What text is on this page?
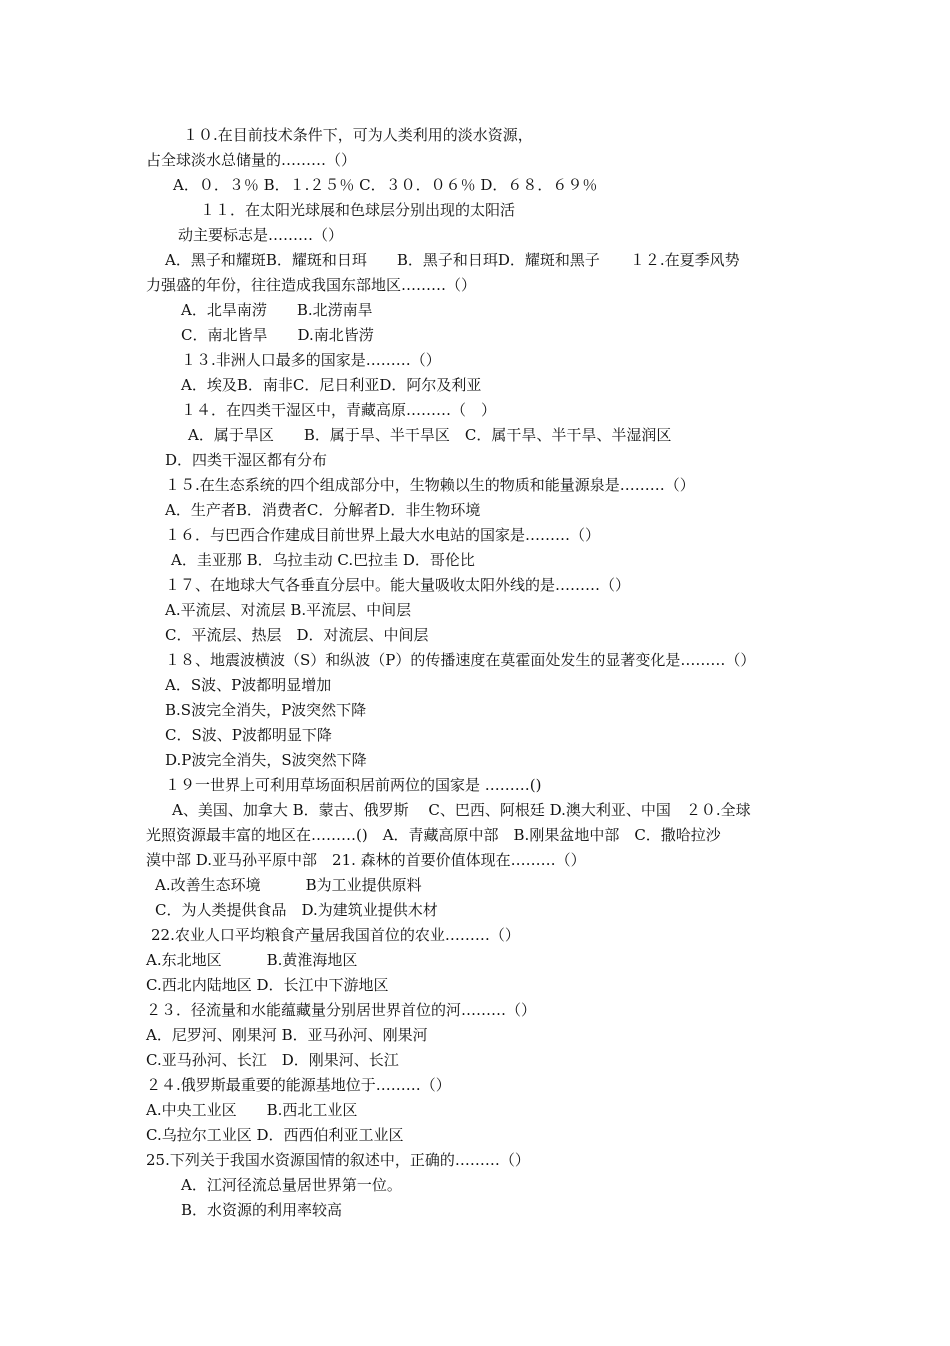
１０.在目前技术条件下，可为人类利用的淡水资源，
占全球淡水总储量的………（）
A．０．３％ B．１.２５％ C．３０．０６％ D．６８．６９％
１１．在太阳光球展和色球层分别出现的太阳活
动主要标志是………（）
A．黑子和耀斑B．耀斑和日珥　　B．黑子和日珥D．耀斑和黑子　　１２.在夏季风势
力强盛的年份，往往造成我国东部地区………（）
A．北旱南涝　　B.北涝南旱
C．南北皆旱　　D.南北皆涝
１３.非洲人口最多的国家是………（）
A．埃及B．南非C．尼日利亚D．阿尔及利亚
１４．在四类干湿区中，青藏高原………（　）
A．属于旱区　　B．属于旱、半干旱区　C．属干旱、半干旱、半湿润区
D．四类干湿区都有分布
１５.在生态系统的四个组成部分中，生物赖以生的物质和能量源泉是………（）
A．生产者B．消费者C．分解者D．非生物环境
１６．与巴西合作建成目前世界上最大水电站的国家是………（）
A．圭亚那 B．乌拉圭动 C.巴拉圭 D．哥伦比
１７、在地球大气各垂直分层中。能大量吸收太阳外线的是………（）
A.平流层、对流层 B.平流层、中间层
C．平流层、热层　D．对流层、中间层
１８、地震波横波（S）和纵波（P）的传播速度在莫霍面处发生的显著变化是………（）
A．S波、P波都明显增加
B.S波完全消失，P波突然下降
C．S波、P波都明显下降
D.P波完全消失，S波突然下降
１９一世界上可利用草场面积居前两位的国家是 ………()
A、美国、加拿大 B．蒙古、俄罗斯　 C、巴西、阿根廷 D.澳大利亚、中国　２０.全球
光照资源最丰富的地区在………()　A．青藏高原中部　B.刚果盆地中部　C．撒哈拉沙
漠中部 D.亚马孙平原中部　21. 森林的首要价值体现在………（）
A.改善生态环境　　　B为工业提供原料
C．为人类提供食品　D.为建筑业提供木材
22.农业人口平均粮食产量居我国首位的农业………（）
A.东北地区　　　B.黄淮海地区
C.西北内陆地区 D．长江中下游地区
２３．径流量和水能蕴藏量分别居世界首位的河………（）
A．尼罗河、刚果河 B．亚马孙河、刚果河
C.亚马孙河、长江　D．刚果河、长江
２４.俄罗斯最重要的能源基地位于………（）
A.中央工业区　　B.西北工业区
C.乌拉尔工业区 D．西西伯利亚工业区
25.下列关于我国水资源国情的叙述中，正确的………（）
A．江河径流总量居世界第一位。
B．水资源的利用率较高
